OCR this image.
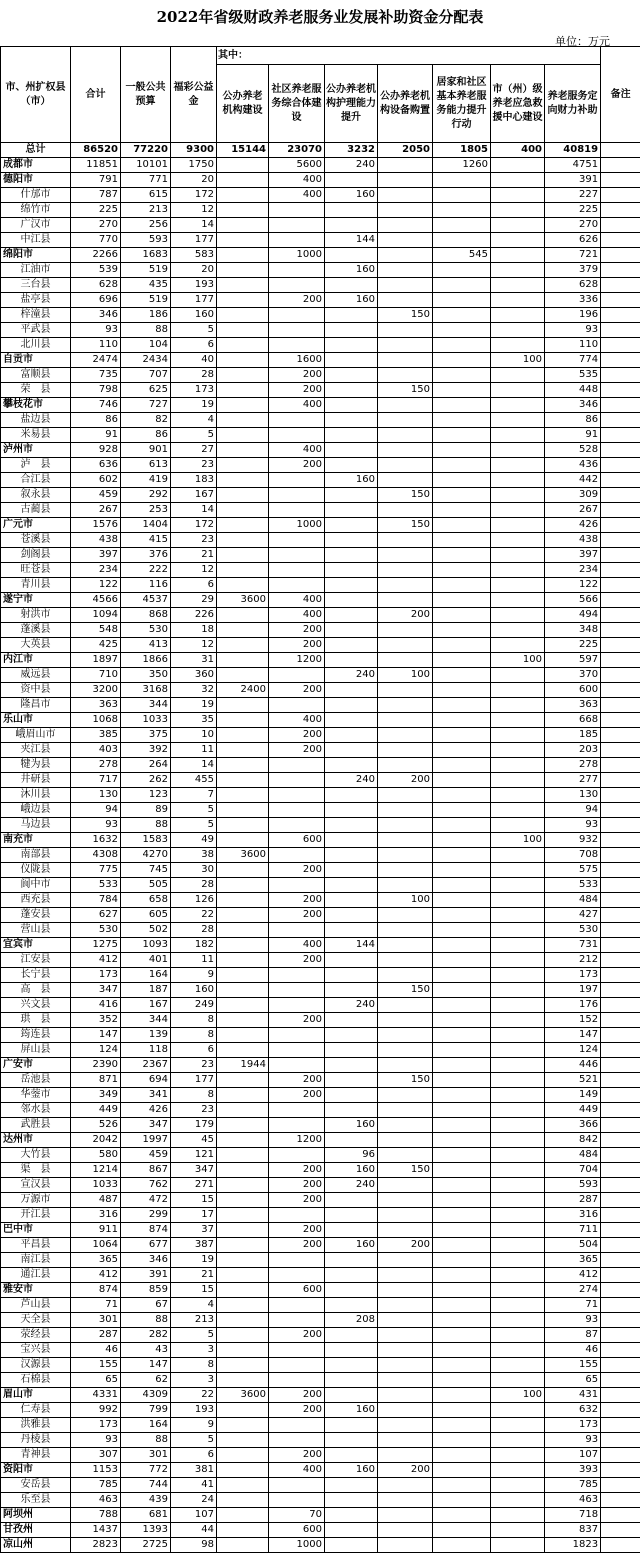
2022年省级财政养老服务业发展补助资金分配表
单位：万元
市、州扩权县（市）	合计	一般公共预算	福彩公益金	其中：							备注
				公办养老机构建设	社区养老服务综合体建设	公办养老机构护理能力提升	公办养老机构设备购置	居家和社区基本养老服务能力提升行动	市（州）级养老应急救援中心建设	养老服务定向财力补助	
总计	86520	77220	9300	15144	23070	3232	2050	1805	400	40819	
成都市	11851	10101	1750		5600	240		1260		4751	
德阳市	791	771	20		400					391	
什邡市	787	615	172		400	160				227	
绵竹市	225	213	12							225	
广汉市	270	256	14							270	
中江县	770	593	177			144				626	
绵阳市	2266	1683	583		1000			545		721	
江油市	539	519	20			160				379	
三台县	628	435	193							628	
盐亭县	696	519	177		200	160				336	
梓潼县	346	186	160				150			196	
平武县	93	88	5							93	
北川县	110	104	6							110	
自贡市	2474	2434	40		1600				100	774	
富顺县	735	707	28		200					535	
荣　县	798	625	173		200		150			448	
攀枝花市	746	727	19		400					346	
盐边县	86	82	4							86	
米易县	91	86	5							91	
泸州市	928	901	27		400					528	
泸　县	636	613	23		200					436	
合江县	602	419	183			160				442	
叙永县	459	292	167				150			309	
古蔺县	267	253	14							267	
广元市	1576	1404	172		1000		150			426	
苍溪县	438	415	23							438	
剑阁县	397	376	21							397	
旺苍县	234	222	12							234	
青川县	122	116	6							122	
遂宁市	4566	4537	29	3600	400					566	
射洪市	1094	868	226		400		200			494	
蓬溪县	548	530	18		200					348	
大英县	425	413	12		200					225	
内江市	1897	1866	31		1200				100	597	
威远县	710	350	360			240	100			370	
资中县	3200	3168	32	2400	200					600	
隆昌市	363	344	19							363	
乐山市	1068	1033	35		400					668	
峨眉山市	385	375	10		200					185	
夹江县	403	392	11		200					203	
犍为县	278	264	14							278	
井研县	717	262	455			240	200			277	
沐川县	130	123	7							130	
峨边县	94	89	5							94	
马边县	93	88	5							93	
南充市	1632	1583	49		600				100	932	
南部县	4308	4270	38	3600						708	
仪陇县	775	745	30		200					575	
阆中市	533	505	28							533	
西充县	784	658	126		200		100			484	
蓬安县	627	605	22		200					427	
营山县	530	502	28							530	
宜宾市	1275	1093	182		400	144				731	
江安县	412	401	11		200					212	
长宁县	173	164	9							173	
高　县	347	187	160				150			197	
兴文县	416	167	249			240				176	
珙　县	352	344	8		200					152	
筠连县	147	139	8							147	
屏山县	124	118	6							124	
广安市	2390	2367	23	1944						446	
岳池县	871	694	177		200		150			521	
华蓥市	349	341	8		200					149	
邻水县	449	426	23							449	
武胜县	526	347	179			160				366	
达州市	2042	1997	45		1200					842	
大竹县	580	459	121			96				484	
渠　县	1214	867	347		200	160	150			704	
宣汉县	1033	762	271		200	240				593	
万源市	487	472	15		200					287	
开江县	316	299	17							316	
巴中市	911	874	37		200					711	
平昌县	1064	677	387		200	160	200			504	
南江县	365	346	19							365	
通江县	412	391	21							412	
雅安市	874	859	15		600					274	
芦山县	71	67	4							71	
天全县	301	88	213			208				93	
荥经县	287	282	5		200					87	
宝兴县	46	43	3							46	
汉源县	155	147	8							155	
石棉县	65	62	3							65	
眉山市	4331	4309	22	3600	200				100	431	
仁寿县	992	799	193		200	160				632	
洪雅县	173	164	9							173	
丹棱县	93	88	5							93	
青神县	307	301	6		200					107	
资阳市	1153	772	381		400	160	200			393	
安岳县	785	744	41							785	
乐至县	463	439	24							463	
阿坝州	788	681	107		70					718	
甘孜州	1437	1393	44		600					837	
凉山州	2823	2725	98		1000					1823	
